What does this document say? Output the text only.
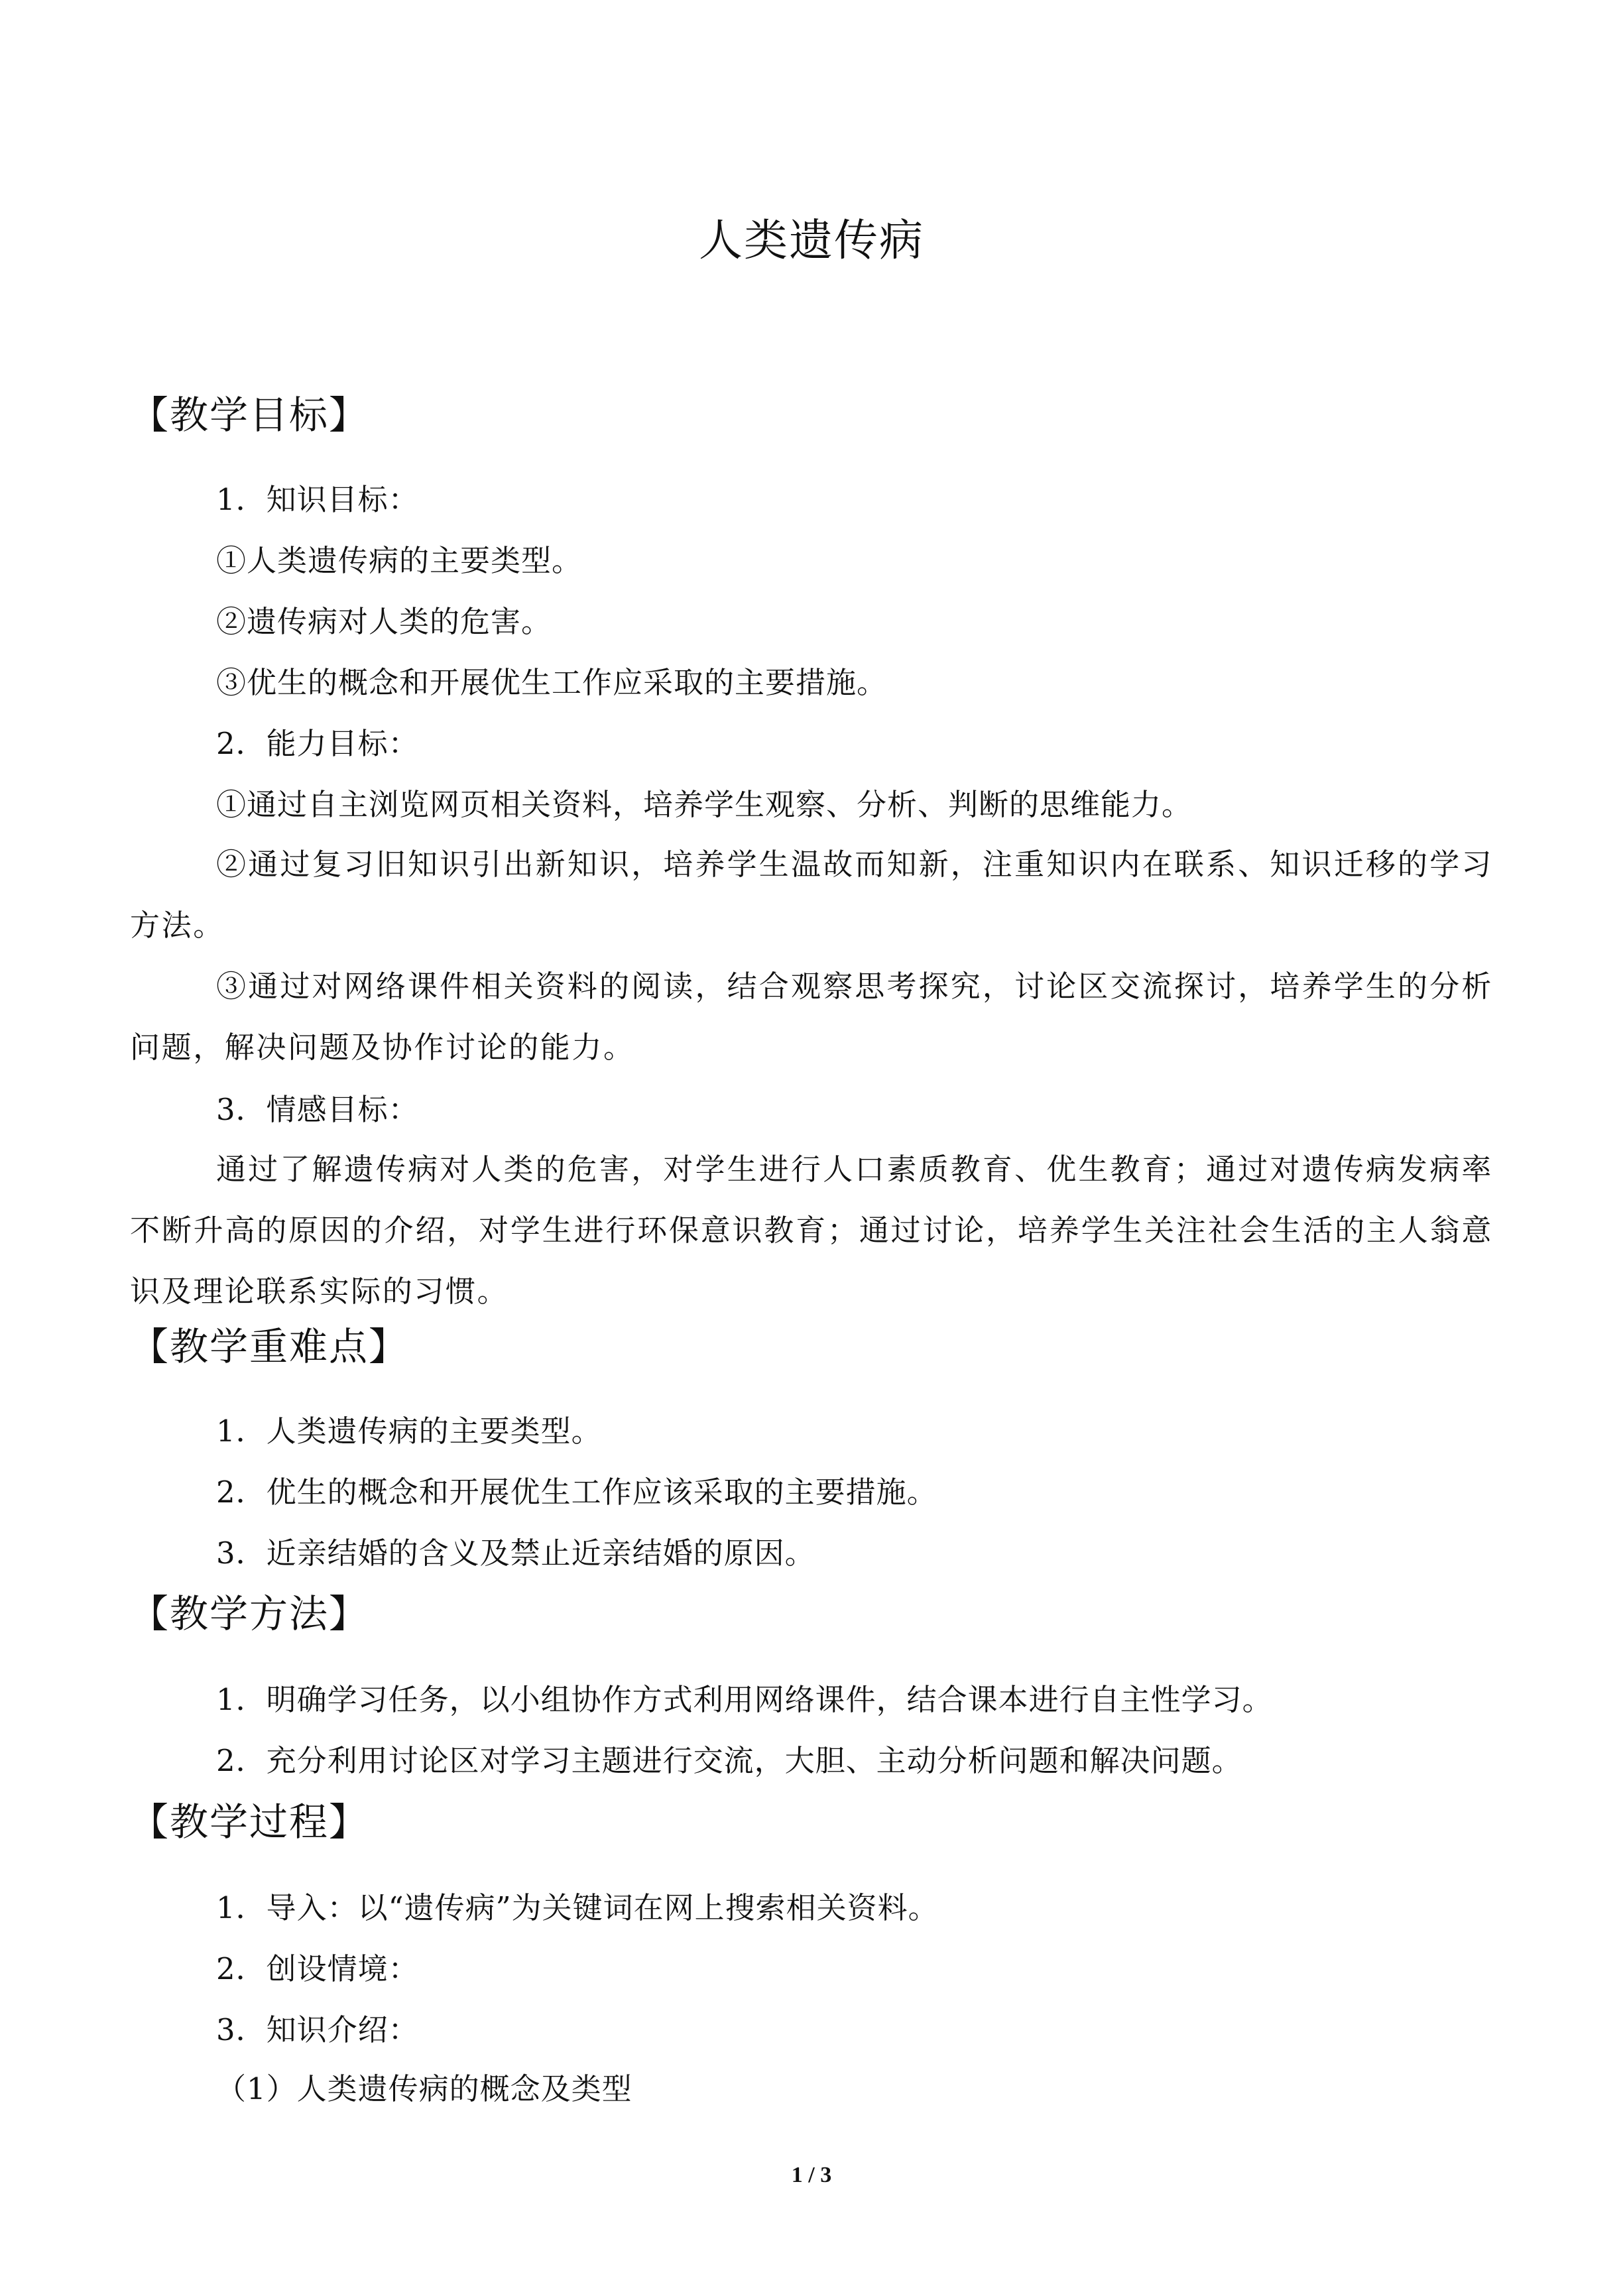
人类遗传病
【教学目标】
1．知识目标：
①人类遗传病的主要类型。
②遗传病对人类的危害。
③优生的概念和开展优生工作应采取的主要措施。
2．能力目标：
①通过自主浏览网页相关资料，培养学生观察、分析、判断的思维能力。
②通过复习旧知识引出新知识，培养学生温故而知新，注重知识内在联系、知识迁移的学习方法。
③通过对网络课件相关资料的阅读，结合观察思考探究，讨论区交流探讨，培养学生的分析问题，解决问题及协作讨论的能力。
3．情感目标：
通过了解遗传病对人类的危害，对学生进行人口素质教育、优生教育；通过对遗传病发病率不断升高的原因的介绍，对学生进行环保意识教育；通过讨论，培养学生关注社会生活的主人翁意识及理论联系实际的习惯。
【教学重难点】
1．人类遗传病的主要类型。
2．优生的概念和开展优生工作应该采取的主要措施。
3．近亲结婚的含义及禁止近亲结婚的原因。
【教学方法】
1．明确学习任务，以小组协作方式利用网络课件，结合课本进行自主性学习。
2．充分利用讨论区对学习主题进行交流，大胆、主动分析问题和解决问题。
【教学过程】
1．导入：以“遗传病”为关键词在网上搜索相关资料。
2．创设情境：
3．知识介绍：
（1）人类遗传病的概念及类型
1 / 3
